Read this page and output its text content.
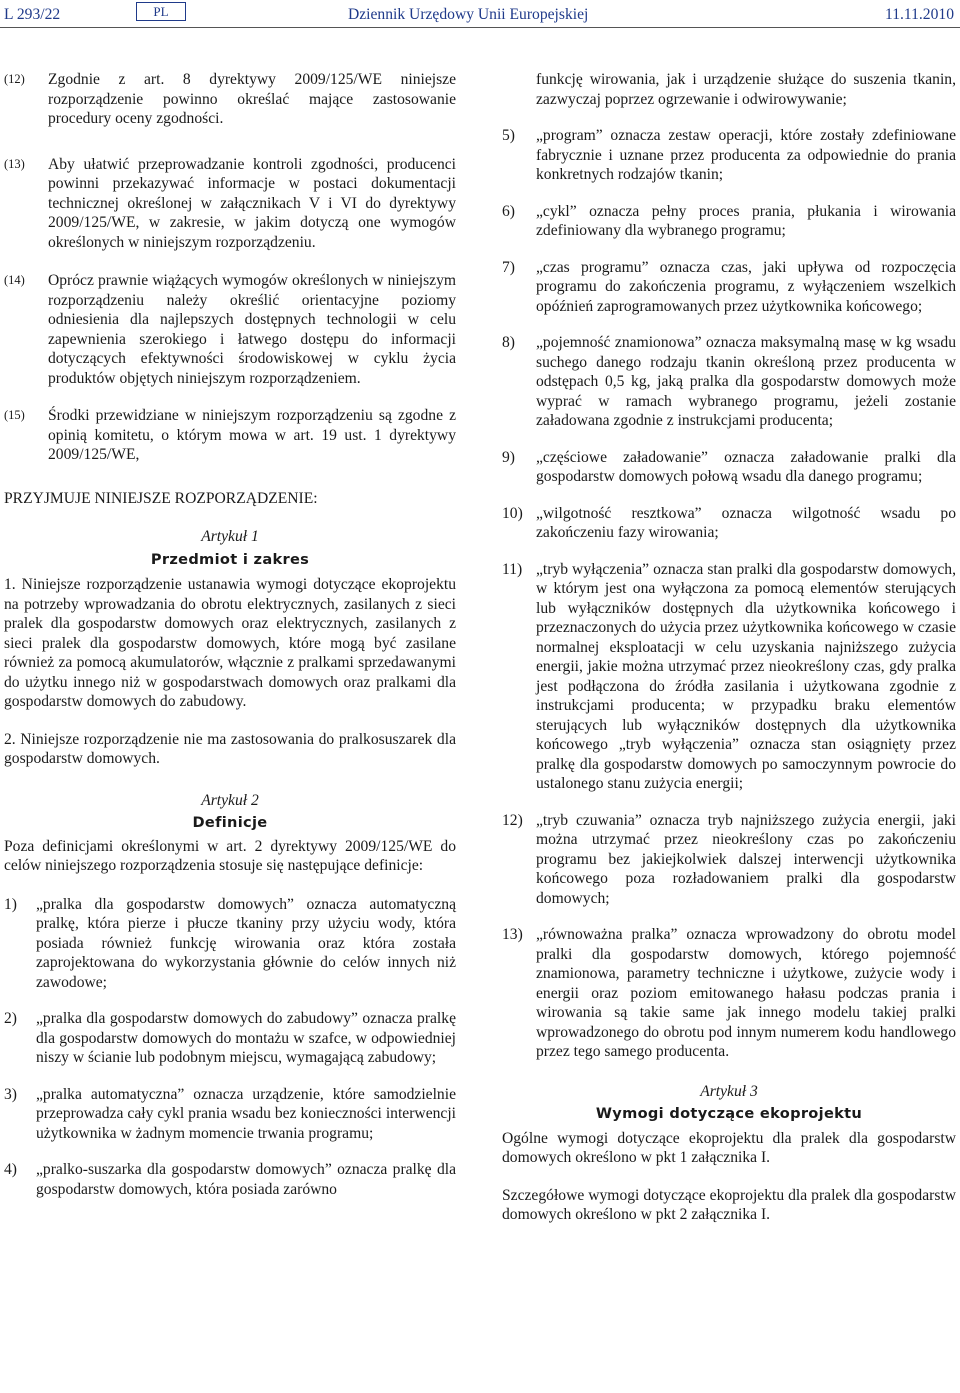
L 293/22	PL	Dziennik Urzędowy Unii Europejskiej	11.11.2010

(12) Zgodnie z art. 8 dyrektywy 2009/125/WE niniejsze rozporządzenie powinno określać mające zastosowanie procedury oceny zgodności.

(13) Aby ułatwić przeprowadzanie kontroli zgodności, producenci powinni przekazywać informacje w postaci dokumentacji technicznej określonej w załącznikach V i VI do dyrektywy 2009/125/WE, w zakresie, w jakim dotyczą one wymogów określonych w niniejszym rozporządzeniu.

(14) Oprócz prawnie wiążących wymogów określonych w niniejszym rozporządzeniu należy określić orientacyjne poziomy odniesienia dla najlepszych dostępnych technologii w celu zapewnienia szerokiego i łatwego dostępu do informacji dotyczących efektywności środowiskowej w cyklu życia produktów objętych niniejszym rozporządzeniem.

(15) Środki przewidziane w niniejszym rozporządzeniu są zgodne z opinią komitetu, o którym mowa w art. 19 ust. 1 dyrektywy 2009/125/WE,

PRZYJMUJE NINIEJSZE ROZPORZĄDZENIE:

Artykuł 1

Przedmiot i zakres

1. Niniejsze rozporządzenie ustanawia wymogi dotyczące ekoprojektu na potrzeby wprowadzania do obrotu elektrycznych, zasilanych z sieci pralek dla gospodarstw domowych oraz elektrycznych, zasilanych z sieci pralek dla gospodarstw domowych, które mogą być zasilane również za pomocą akumulatorów, włącznie z pralkami sprzedawanymi do użytku innego niż w gospodarstwach domowych oraz pralkami dla gospodarstw domowych do zabudowy.

2. Niniejsze rozporządzenie nie ma zastosowania do pralkosuszarek dla gospodarstw domowych.

Artykuł 2

Definicje

Poza definicjami określonymi w art. 2 dyrektywy 2009/125/WE do celów niniejszego rozporządzenia stosuje się następujące definicje:

1) „pralka dla gospodarstw domowych” oznacza automatyczną pralkę, która pierze i płucze tkaniny przy użyciu wody, która posiada również funkcję wirowania oraz która została zaprojektowana do wykorzystania głównie do celów innych niż zawodowe;

2) „pralka dla gospodarstw domowych do zabudowy” oznacza pralkę dla gospodarstw domowych do montażu w szafce, w odpowiedniej niszy w ścianie lub podobnym miejscu, wymagającą zabudowy;

3) „pralka automatyczna” oznacza urządzenie, które samodzielnie przeprowadza cały cykl prania wsadu bez konieczności interwencji użytkownika w żadnym momencie trwania programu;

4) „pralko-suszarka dla gospodarstw domowych” oznacza pralkę dla gospodarstw domowych, która posiada zarówno

funkcję wirowania, jak i urządzenie służące do suszenia tkanin, zazwyczaj poprzez ogrzewanie i odwirowywanie;

5) „program” oznacza zestaw operacji, które zostały zdefiniowane fabrycznie i uznane przez producenta za odpowiednie do prania konkretnych rodzajów tkanin;

6) „cykl” oznacza pełny proces prania, płukania i wirowania zdefiniowany dla wybranego programu;

7) „czas programu” oznacza czas, jaki upływa od rozpoczęcia programu do zakończenia programu, z wyłączeniem wszelkich opóźnień zaprogramowanych przez użytkownika końcowego;

8) „pojemność znamionowa” oznacza maksymalną masę w kg wsadu suchego danego rodzaju tkanin określoną przez producenta w odstępach 0,5 kg, jaką pralka dla gospodarstw domowych może wyprać w ramach wybranego programu, jeżeli zostanie załadowana zgodnie z instrukcjami producenta;

9) „częściowe załadowanie” oznacza załadowanie pralki dla gospodarstw domowych połową wsadu dla danego programu;

10) „wilgotność resztkowa” oznacza wilgotność wsadu po zakończeniu fazy wirowania;

11) „tryb wyłączenia” oznacza stan pralki dla gospodarstw domowych, w którym jest ona wyłączona za pomocą elementów sterujących lub wyłączników dostępnych dla użytkownika końcowego i przeznaczonych do użycia przez użytkownika końcowego w czasie normalnej eksploatacji w celu uzyskania najniższego zużycia energii, jakie można utrzymać przez nieokreślony czas, gdy pralka jest podłączona do źródła zasilania i użytkowana zgodnie z instrukcjami producenta; w przypadku braku elementów sterujących lub wyłączników dostępnych dla użytkownika końcowego „tryb wyłączenia” oznacza stan osiągnięty przez pralkę dla gospodarstw domowych po samoczynnym powrocie do ustalonego stanu zużycia energii;

12) „tryb czuwania” oznacza tryb najniższego zużycia energii, jaki można utrzymać przez nieokreślony czas po zakończeniu programu bez jakiejkolwiek dalszej interwencji użytkownika końcowego poza rozładowaniem pralki dla gospodarstw domowych;

13) „równoważna pralka” oznacza wprowadzony do obrotu model pralki dla gospodarstw domowych, którego pojemność znamionowa, parametry techniczne i użytkowe, zużycie wody i energii oraz poziom emitowanego hałasu podczas prania i wirowania są takie same jak innego modelu takiej pralki wprowadzonego do obrotu pod innym numerem kodu handlowego przez tego samego producenta.

Artykuł 3

Wymogi dotyczące ekoprojektu

Ogólne wymogi dotyczące ekoprojektu dla pralek dla gospodarstw domowych określono w pkt 1 załącznika I.

Szczegółowe wymogi dotyczące ekoprojektu dla pralek dla gospodarstw domowych określono w pkt 2 załącznika I.
